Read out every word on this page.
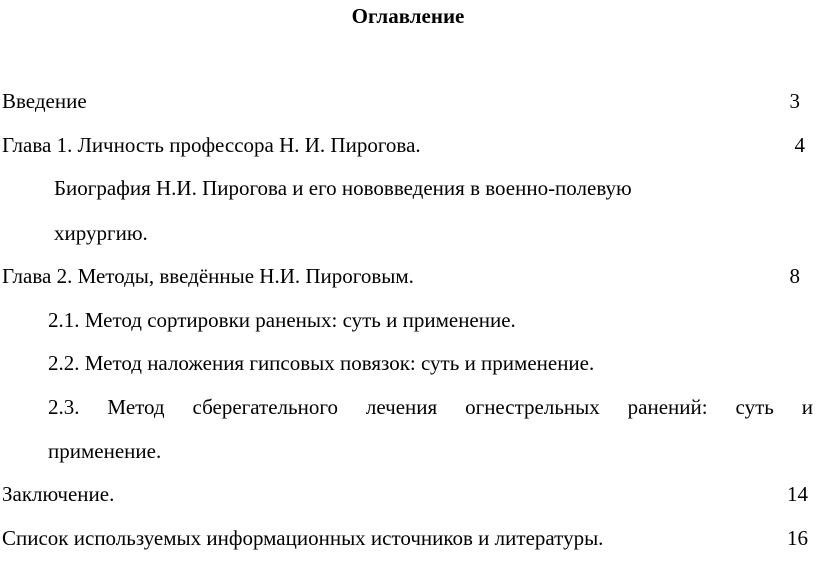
Оглавление
Введение	3
Глава 1. Личность профессора Н. И. Пирогова.	4
Биография Н.И. Пирогова и его нововведения в военно-полевую
хирургию.
Глава 2. Методы, введённые Н.И. Пироговым.	8
2.1. Метод сортировки раненых: суть и применение.
2.2. Метод наложения гипсовых повязок: суть и применение.
2.3. Метод сберегательного лечения огнестрельных ранений: суть и
применение.
Заключение.	14
Список используемых информационных источников и литературы.	16
